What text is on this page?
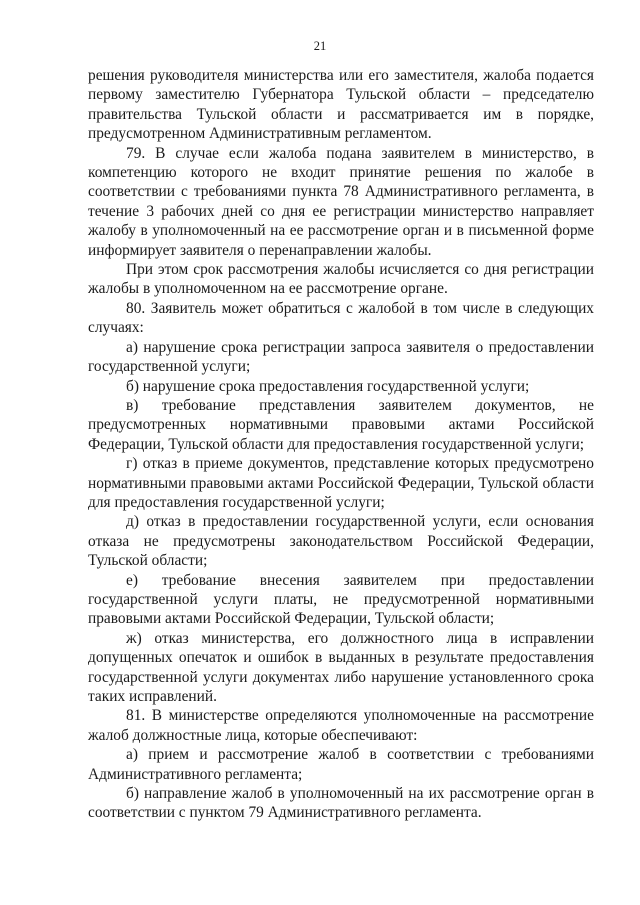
21

решения руководителя министерства или его заместителя, жалоба подается первому заместителю Губернатора Тульской области – председателю правительства Тульской области и рассматривается им в порядке, предусмотренном Административным регламентом.

79. В случае если жалоба подана заявителем в министерство, в компетенцию которого не входит принятие решения по жалобе в соответствии с требованиями пункта 78 Административного регламента, в течение 3 рабочих дней со дня ее регистрации министерство направляет жалобу в уполномоченный на ее рассмотрение орган и в письменной форме информирует заявителя о перенаправлении жалобы.

При этом срок рассмотрения жалобы исчисляется со дня регистрации жалобы в уполномоченном на ее рассмотрение органе.

80. Заявитель может обратиться с жалобой в том числе в следующих случаях:

а) нарушение срока регистрации запроса заявителя о предоставлении государственной услуги;

б) нарушение срока предоставления государственной услуги;

в) требование представления заявителем документов, не предусмотренных нормативными правовыми актами Российской Федерации, Тульской области для предоставления государственной услуги;

г) отказ в приеме документов, представление которых предусмотрено нормативными правовыми актами Российской Федерации, Тульской области для предоставления государственной услуги;

д) отказ в предоставлении государственной услуги, если основания отказа не предусмотрены законодательством Российской Федерации, Тульской области;

е) требование внесения заявителем при предоставлении государственной услуги платы, не предусмотренной нормативными правовыми актами Российской Федерации, Тульской области;

ж) отказ министерства, его должностного лица в исправлении допущенных опечаток и ошибок в выданных в результате предоставления государственной услуги документах либо нарушение установленного срока таких исправлений.

81. В министерстве определяются уполномоченные на рассмотрение жалоб должностные лица, которые обеспечивают:

а) прием и рассмотрение жалоб в соответствии с требованиями Административного регламента;

б) направление жалоб в уполномоченный на их рассмотрение орган в соответствии с пунктом 79 Административного регламента.
